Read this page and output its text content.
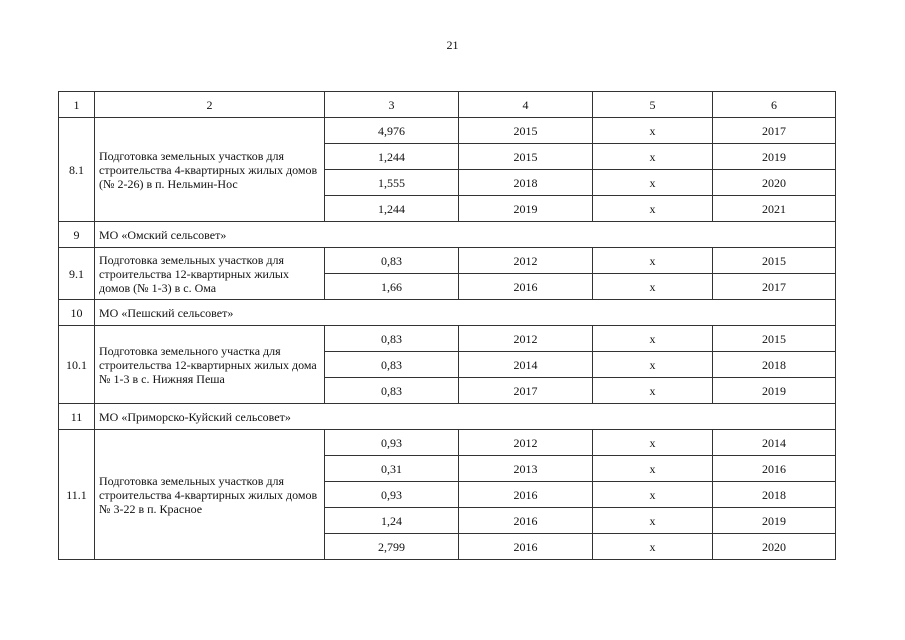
21
1	2	3	4	5	6
8.1	Подготовка земельных участков для строительства 4-квартирных жилых домов (№ 2-26) в п. Нельмин-Нос	4,976	2015	х	2017
		1,244	2015	х	2019
		1,555	2018	х	2020
		1,244	2019	х	2021
9	МО «Омский сельсовет»				
9.1	Подготовка земельных участков для строительства 12-квартирных жилых домов (№ 1-3) в с. Ома	0,83	2012	х	2015
		1,66	2016	х	2017
10	МО «Пешский сельсовет»				
10.1	Подготовка земельного участка для строительства 12-квартирных жилых дома № 1-3 в с. Нижняя Пеша	0,83	2012	х	2015
		0,83	2014	х	2018
		0,83	2017	х	2019
11	МО «Приморско-Куйский сельсовет»				
11.1	Подготовка земельных участков для строительства 4-квартирных жилых домов № 3-22 в п. Красное	0,93	2012	х	2014
		0,31	2013	х	2016
		0,93	2016	х	2018
		1,24	2016	х	2019
		2,799	2016	х	2020
